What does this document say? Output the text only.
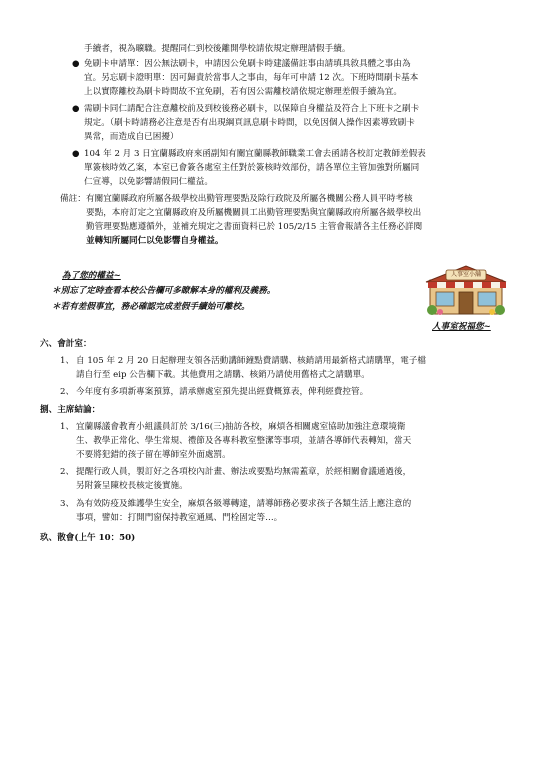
手續者，視為曠職。提醒同仁到校後離開學校請依規定辦理請假手續。
● 免刷卡申請單：因公無法刷卡，申請因公免刷卡時建議備註事由請填具敘具體之事由為
宜。另忘刷卡證明單：因可歸責於當事人之事由，每年可申請 12 次。下班時間刷卡基本
上以實際離校為刷卡時間故不宜免刷，若有因公需離校請依規定辦理差假手續為宜。
● 需刷卡同仁請配合注意離校前及到校後務必刷卡，以保障自身權益及符合上下班卡之刷卡
規定。（刷卡時請務必注意是否有出現綱頁訊息刷卡時間，以免因個人操作因素導致刷卡
異常，而造成自已困擾）
● 104 年 2 月 3 日宜蘭縣政府來函副知有關宜蘭縣教師職業工會去函請各校訂定教師差假表
單簽核時效乙案，本室已會簽各處室主任對於簽核時效部份，請各單位主管加強對所屬同
仁宣導，以免影響請假同仁權益。
備註： 有關宜蘭縣政府所屬各級學校出勤管理要點及除行政院及所屬各機關公務人員平時考核
要點，本府訂定之宜蘭縣政府及所屬機關員工出勤管理要點與宜蘭縣政府所屬各級學校出
勤管理要點應遵循外，並補充規定之書面資料已於 105/2/15 主管會報請各主任務必詳閱
並轉知所屬同仁以免影響自身權益。
為了您的權益~
＊別忘了定時查看本校公告欄可多瞭解本身的權利及義務。
＊若有差假事宜，務必確認完成差假手續始可離校。
人事室小舖
人事室祝福您~
六、會計室：
1、 自 105 年 2 月 20 日起辦理支領各活動講師鐘點費請購、核銷請用最新格式請購單，電子檔
請自行至 eip 公告欄下載。其他費用之請購、核銷乃請使用舊格式之請購單。
2、 今年度有多項新專案預算，請承辦處室預先提出經費概算表，俾利經費控管。
捌、主席結論：
1、 宜蘭縣議會教育小組議員訂於 3/16(三)抽訪各校，麻煩各相關處室協助加強注意環境衛
生、教學正常化、學生常規、禮節及各專科教室整潔等事項，並請各導師代表轉知，當天
不要將犯錯的孩子留在導師室外面處罰。
2、 提醒行政人員，製訂好之各項校內計畫、辦法或要點均無需蓋章，於經相關會議通過後，
另附簽呈陳校長核定後實施。
3、 為有效防疫及維護學生安全，麻煩各級導轉達，請導師務必要求孩子各類生活上應注意的
事項，譬如：打開門窗保持教室通風、門栓固定等…。
玖、散會(上午 10：50)
